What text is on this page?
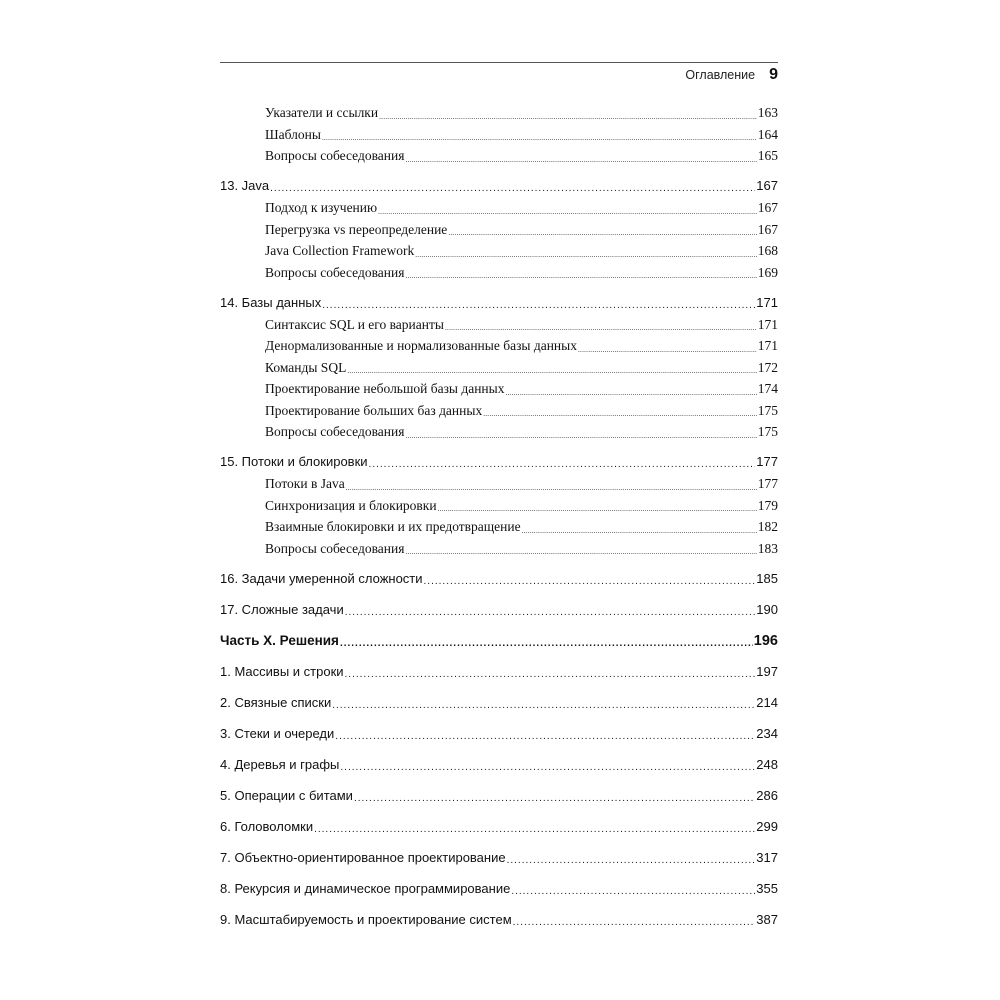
Оглавление 9
Указатели и ссылки .....	163
Шаблоны .....	164
Вопросы собеседования .....	165
13. Java .....	167
Подход к изучению .....	167
Перегрузка vs переопределение .....	167
Java Collection Framework .....	168
Вопросы собеседования .....	169
14. Базы данных .....	171
Синтаксис SQL и его варианты .....	171
Денормализованные и нормализованные базы данных .....	171
Команды SQL .....	172
Проектирование небольшой базы данных .....	174
Проектирование больших баз данных .....	175
Вопросы собеседования .....	175
15. Потоки и блокировки .....	177
Потоки в Java .....	177
Синхронизация и блокировки .....	179
Взаимные блокировки и их предотвращение .....	182
Вопросы собеседования .....	183
16. Задачи умеренной сложности .....	185
17. Сложные задачи .....	190
Часть X. Решения .....	196
1. Массивы и строки .....	197
2. Связные списки .....	214
3. Стеки и очереди .....	234
4. Деревья и графы .....	248
5. Операции с битами .....	286
6. Головоломки .....	299
7. Объектно-ориентированное проектирование .....	317
8. Рекурсия и динамическое программирование .....	355
9. Масштабируемость и проектирование систем .....	387
